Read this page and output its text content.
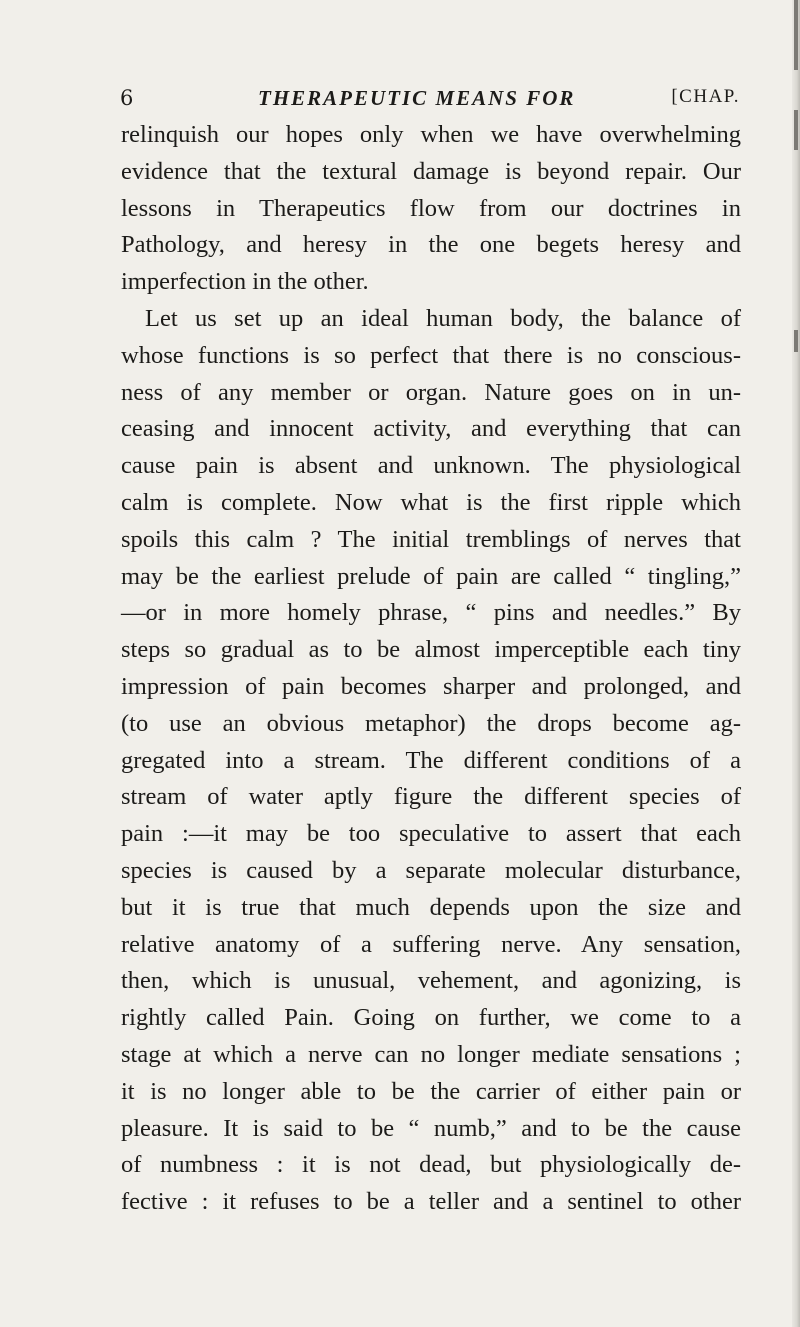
6	THERAPEUTIC MEANS FOR	[CHAP.
relinquish our hopes only when we have overwhelming
evidence that the textural damage is beyond repair. Our
lessons in Therapeutics flow from our doctrines in
Pathology, and heresy in the one begets heresy and
imperfection in the other.
Let us set up an ideal human body, the balance of
whose functions is so perfect that there is no conscious-
ness of any member or organ. Nature goes on in un-
ceasing and innocent activity, and everything that can
cause pain is absent and unknown. The physiological
calm is complete. Now what is the first ripple which
spoils this calm ? The initial tremblings of nerves that
may be the earliest prelude of pain are called “ tingling,”
—or in more homely phrase, “ pins and needles.” By
steps so gradual as to be almost imperceptible each tiny
impression of pain becomes sharper and prolonged, and
(to use an obvious metaphor) the drops become ag-
gregated into a stream. The different conditions of a
stream of water aptly figure the different species of
pain :—it may be too speculative to assert that each
species is caused by a separate molecular disturbance,
but it is true that much depends upon the size and
relative anatomy of a suffering nerve. Any sensation,
then, which is unusual, vehement, and agonizing, is
rightly called Pain. Going on further, we come to a
stage at which a nerve can no longer mediate sensations ;
it is no longer able to be the carrier of either pain or
pleasure. It is said to be “ numb,” and to be the cause
of numbness : it is not dead, but physiologically de-
fective : it refuses to be a teller and a sentinel to other
